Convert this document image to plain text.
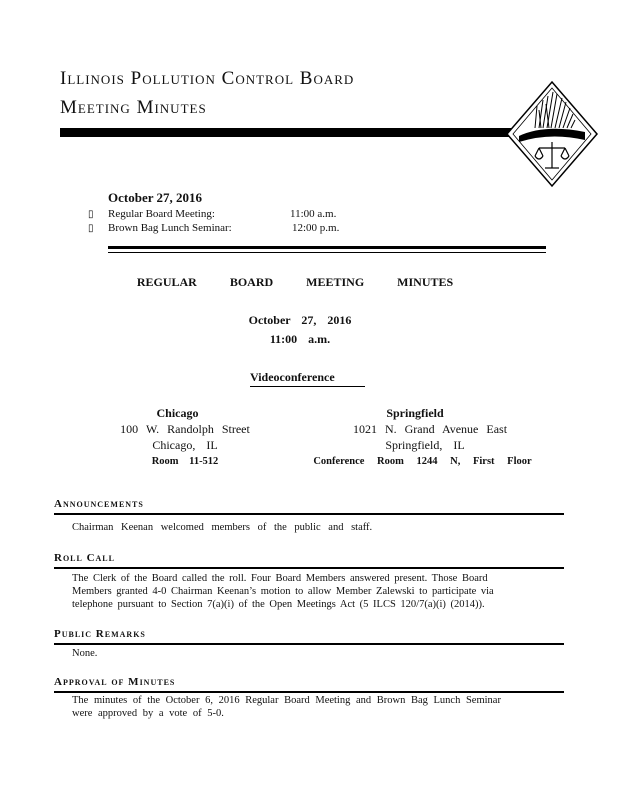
Illinois Pollution Control Board
Meeting Minutes
October 27, 2016
▯ Regular Board Meeting:	11:00 a.m.
▯ Brown Bag Lunch Seminar:	12:00 p.m.
REGULAR BOARD MEETING MINUTES
October 27, 2016
11:00 a.m.
Videoconference
Chicago
100 W. Randolph Street
Chicago, IL
Room 11-512
Springfield
1021 N. Grand Avenue East
Springfield, IL
Conference Room 1244 N, First Floor
Announcements
Chairman Keenan welcomed members of the public and staff.
Roll Call
The Clerk of the Board called the roll. Four Board Members answered present. Those Board
Members granted 4-0 Chairman Keenan’s motion to allow Member Zalewski to participate via
telephone pursuant to Section 7(a)(i) of the Open Meetings Act (5 ILCS 120/7(a)(i) (2014)).
Public Remarks
None.
Approval of Minutes
The minutes of the October 6, 2016 Regular Board Meeting and Brown Bag Lunch Seminar
were approved by a vote of 5-0.
